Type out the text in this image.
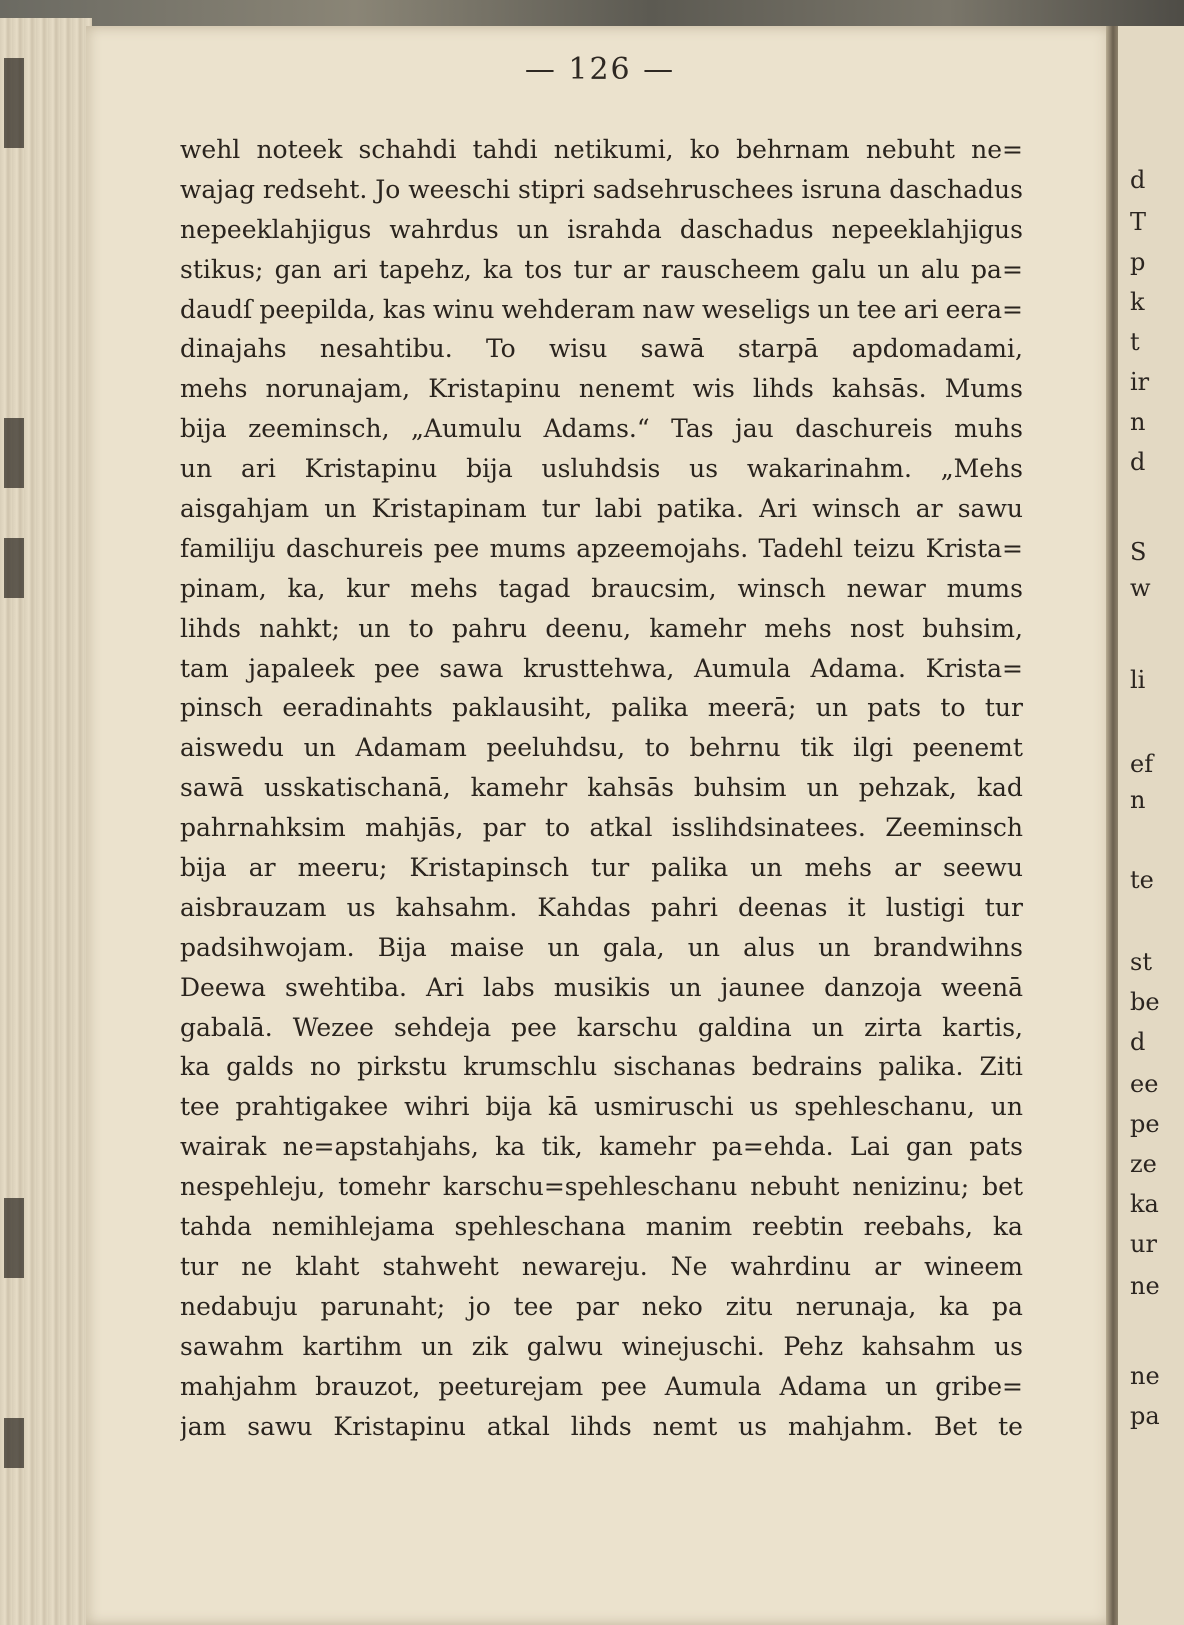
— 126 —
wehl noteek schahdi tahdi netikumi, ko behrnam nebuht ne=
wajag redseht. Jo weeschi stipri sadsehruschees isruna daschadus
nepeeklahjigus wahrdus un israhda daschadus nepeeklahjigus
stikus; gan ari tapehz, ka tos tur ar rauscheem galu un alu pa=
daudſ peepilda, kas winu wehderam naw weseligs un tee ari eera=
dinajahs nesahtibu. To wisu sawā starpā apdomadami,
mehs norunajam, Kristapinu nenemt wis lihds kahsās. Mums
bija zeeminsch, „Aumulu Adams.“ Tas jau daschureis muhs
un ari Kristapinu bija usluhdsis us wakarinahm. „Mehs
aisgahjam un Kristapinam tur labi patika. Ari winsch ar sawu
familiju daschureis pee mums apzeemojahs. Tadehl teizu Krista=
pinam, ka, kur mehs tagad braucsim, winsch newar mums
lihds nahkt; un to pahru deenu, kamehr mehs nost buhsim,
tam japaleek pee sawa krusttehwa, Aumula Adama. Krista=
pinsch eeradinahts paklausiht, palika meerā; un pats to tur
aiswedu un Adamam peeluhdsu, to behrnu tik ilgi peenemt
sawā usskatischanā, kamehr kahsās buhsim un pehzak, kad
pahrnahksim mahjās, par to atkal isslihdsinatees. Zeeminsch
bija ar meeru; Kristapinsch tur palika un mehs ar seewu
aisbrauzam us kahsahm. Kahdas pahri deenas it lustigi tur
padsihwojam. Bija maise un gala, un alus un brandwihns
Deewa swehtiba. Ari labs musikis un jaunee danzoja weenā
gabalā. Wezee sehdeja pee karschu galdina un zirta kartis,
ka galds no pirkstu krumschlu sischanas bedrains palika. Ziti
tee prahtigakee wihri bija kā usmiruschi us spehleschanu, un
wairak ne=apstahjahs, ka tik, kamehr pa=ehda. Lai gan pats
nespehleju, tomehr karschu=spehleschanu nebuht nenizinu; bet
tahda nemihlejama spehleschana manim reebtin reebahs, ka
tur ne klaht stahweht newareju. Ne wahrdinu ar wineem
nedabuju parunaht; jo tee par neko zitu nerunaja, ka pa
sawahm kartihm un zik galwu winejuschi. Pehz kahsahm us
mahjahm brauzot, peeturejam pee Aumula Adama un gribe=
jam sawu Kristapinu atkal lihds nemt us mahjahm. Bet te
d
T
p
k
t
ir
n
d
S
w
li
ef
n
te
st
be
d
ee
pe
ze
ka
ur
ne
ne
pa
